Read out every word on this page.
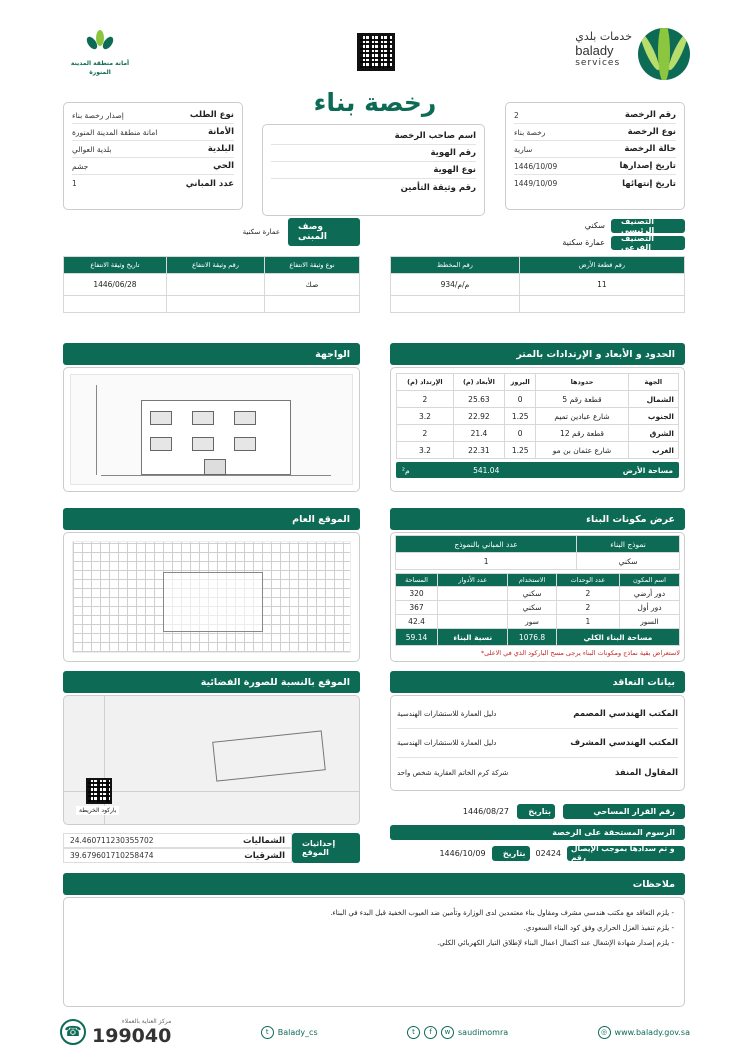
أمانة منطقة المدينة المنورة
خدمات بلدي
balady
services
رخصة بناء	2	رقم الرخصة
رخصة بناء	نوع الرخصة
سارية	حالة الرخصة
1446/10/09	تاريخ إصدارها
1449/10/09	تاريخ إنتهائها
اسم صاحب الرخصة
رقم الهوية
نوع الهوية
رقم وثيقة التأمين
إصدار رخصة بناء	نوع الطلب
امانة منطقة المدينة المنورة	الأمانة
بلدية العوالي	البلدية
جشم	الحي
1	عدد المباني
سكني	التصنيف الرئيسي
عمارة سكنية	التصنيف الفرعي
عمارة سكنية	وصف المبنى
رقم المخطط	رقم قطعة الأرض
م/م/934	11

تاريخ وثيقة الانتفاع	رقم وثيقة الانتفاع	نوع وثيقة الانتفاع
1446/06/28		صك

الحدود و الأبعاد و الإرتدادات بالمتر
الإرتداد (م)	الأبعاد (م)	البروز	حدودها	الجهة
2	25.63	0	قطعة رقم 5	الشمال
3.2	22.92	1.25	شارع عبادين تميم	الجنوب
2	21.4	0	قطعة رقم 12	الشرق
3.2	22.31	1.25	شارع عثمان بن مو	الغرب
م²	541.04	مساحة الأرض
الواجهة
الموقع العام	عرض مكونات البناء
عدد المباني بالنموذج	نموذج البناء
1	سكني
المساحة	عدد الأدوار	الاستخدام	عدد الوحدات	اسم المكون
320		سكني	2	دور أرضي
367		سكني	2	دور أول
42.4		سور	1	السور
59.14	نسبة البناء	1076.8	مساحة البناء الكلي	
*لاستعراض بقية نماذج ومكونات البناء يرجى مسح الباركود الذي في الاعلى
الموقع بالنسبة للصورة الفضائية
باركود الخريطة
بيانات التعاقد
دليل العمارة للاستشارات الهندسية	المكتب الهندسي المصمم
دليل العمارة للاستشارات الهندسية	المكتب الهندسي المشرف
شركة كرم الخاتم العقارية شخص واحد	المقاول المنفذ
إحداثيات الموقع
24.460711230355702	الشماليات
39.679601710258474	الشرقيات
1446/08/27	بتاريخ	رقم القرار المساحي
الرسوم المستحقة على الرخصة
1446/10/09	بتاريخ	02424	و تم سدادها بموجب الإيصال رقم
ملاحظات
- يلزم التعاقد مع مكتب هندسي مشرف ومقاول بناء معتمدين لدى الوزارة وتأمين ضد العيوب الخفية قبل البدء في البناء.
- يلزم تنفيذ العزل الحراري وفق كود البناء السعودي.
- يلزم إصدار شهادة الإشغال عند اكتمال اعمال البناء لإطلاق التيار الكهربائي الكلي.
☎
مركز العناية بالعملاء
199040	t	Balady_cs	t	f	w saudimomra	◎ www.balady.gov.sa
